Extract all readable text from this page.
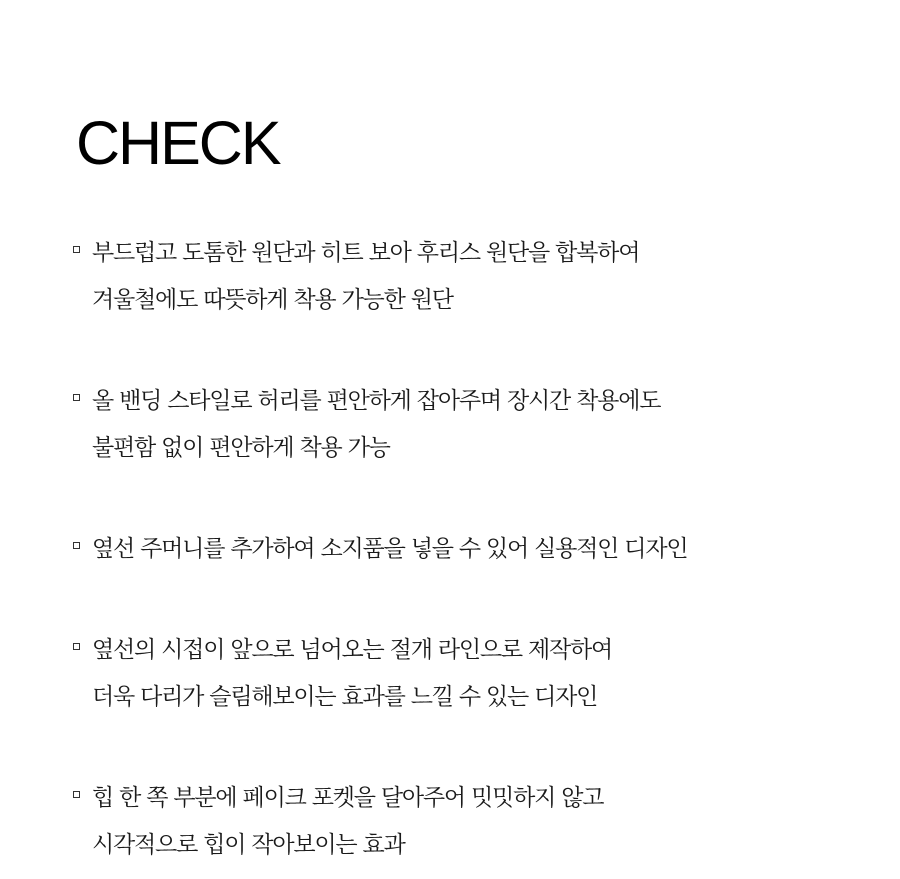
CHECK
부드럽고 도톰한 원단과 히트 보아 후리스 원단을 합복하여
겨울철에도 따뜻하게 착용 가능한 원단
올 밴딩 스타일로 허리를 편안하게 잡아주며 장시간 착용에도
불편함 없이 편안하게 착용 가능
옆선 주머니를 추가하여 소지품을 넣을 수 있어 실용적인 디자인
옆선의 시접이 앞으로 넘어오는 절개 라인으로 제작하여
더욱 다리가 슬림해보이는 효과를 느낄 수 있는 디자인
힙 한 쪽 부분에 페이크 포켓을 달아주어 밋밋하지 않고
시각적으로 힙이 작아보이는 효과
